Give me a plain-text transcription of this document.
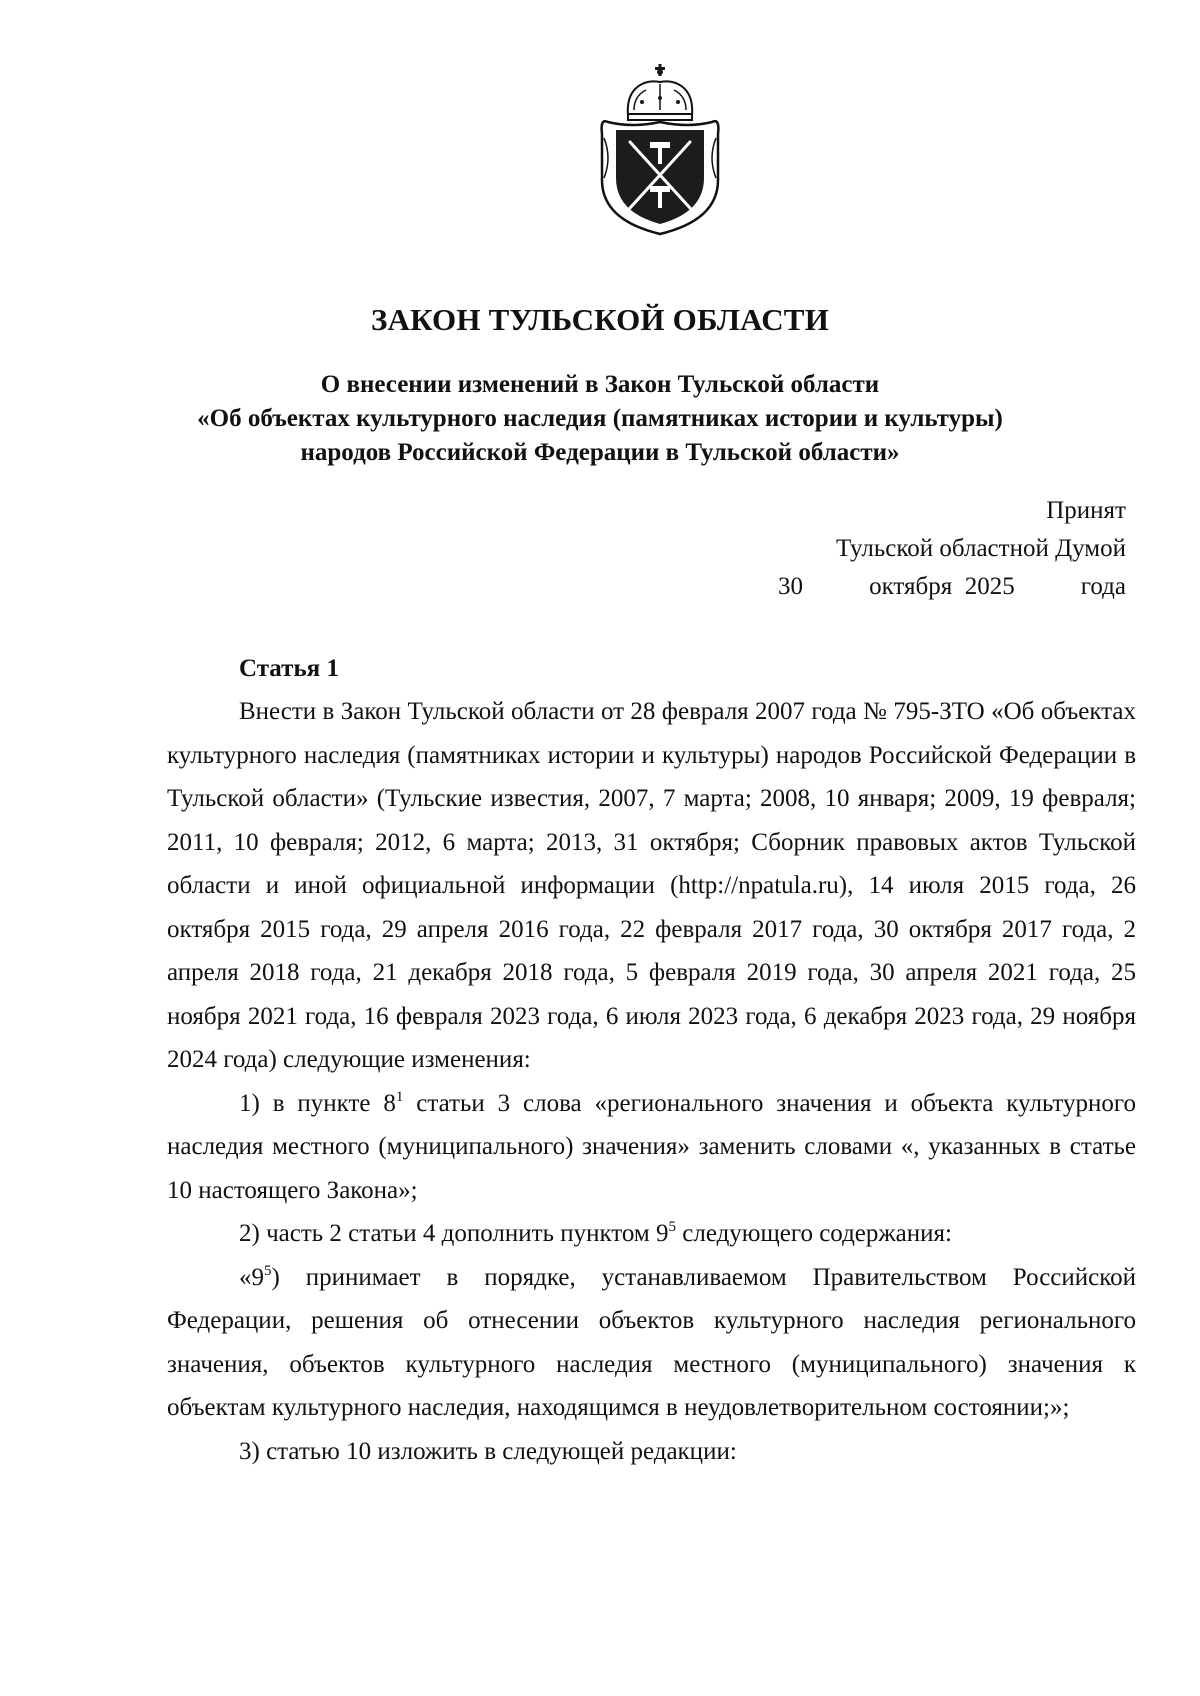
ЗАКОН ТУЛЬСКОЙ ОБЛАСТИ
О внесении изменений в Закон Тульской области
«Об объектах культурного наследия (памятниках истории и культуры)
народов Российской Федерации в Тульской области»
Принят
Тульской областной Думой
30	октября 2025	года
Статья 1

Внести в Закон Тульской области от 28 февраля 2007 года № 795-ЗТО «Об объектах культурного наследия (памятниках истории и культуры) народов Российской Федерации в Тульской области» (Тульские известия, 2007, 7 марта; 2008, 10 января; 2009, 19 февраля; 2011, 10 февраля; 2012, 6 марта; 2013, 31 октября; Сборник правовых актов Тульской области и иной официальной информации (http://npatula.ru), 14 июля 2015 года, 26 октября 2015 года, 29 апреля 2016 года, 22 февраля 2017 года, 30 октября 2017 года, 2 апреля 2018 года, 21 декабря 2018 года, 5 февраля 2019 года, 30 апреля 2021 года, 25 ноября 2021 года, 16 февраля 2023 года, 6 июля 2023 года, 6 декабря 2023 года, 29 ноября 2024 года) следующие изменения:

1) в пункте $8^1$ статьи 3 слова «регионального значения и объекта культурного наследия местного (муниципального) значения» заменить словами «, указанных в статье 10 настоящего Закона»;

2) часть 2 статьи 4 дополнить пунктом $9^5$ следующего содержания:

«$9^5$) принимает в порядке, устанавливаемом Правительством Российской Федерации, решения об отнесении объектов культурного наследия регионального значения, объектов культурного наследия местного (муниципального) значения к объектам культурного наследия, находящимся в неудовлетворительном состоянии;»;

3) статью 10 изложить в следующей редакции:
